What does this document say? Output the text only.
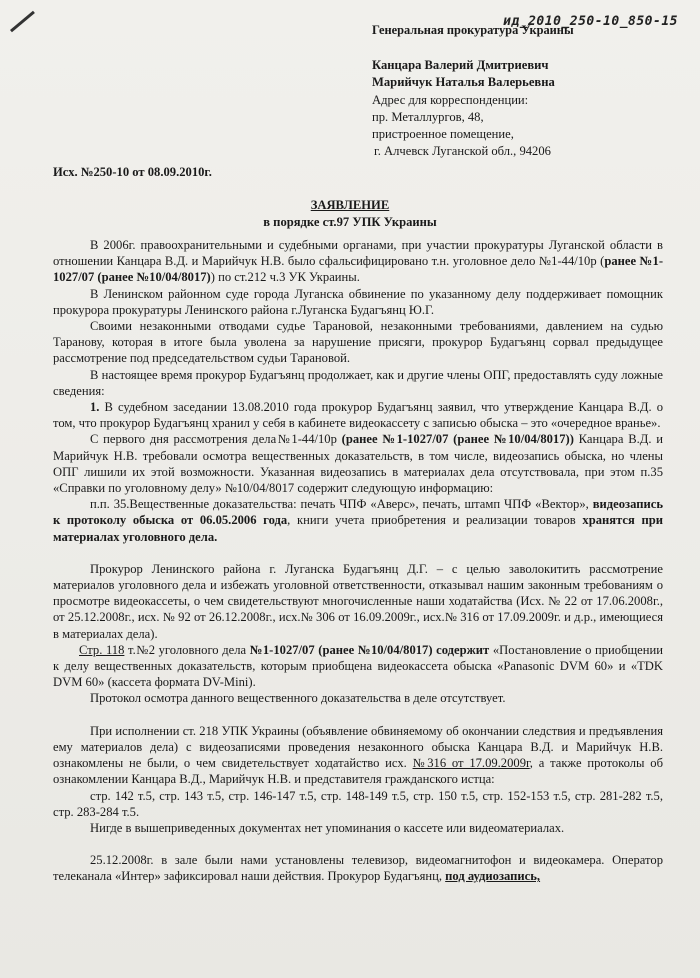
ид_2010_250-10_850-15
Генеральная прокуратура Украины
Канцара Валерий Дмитриевич
Марийчук Наталья Валерьевна
Адрес для корреспонденции:
пр. Металлургов, 48,
пристроенное помещение,
г. Алчевск Луганской обл., 94206
Исх. №250-10 от 08.09.2010г.
ЗАЯВЛЕНИЕ
в порядке ст.97 УПК Украины

В 2006г. правоохранительными и судебными органами, при участии прокуратуры Луганской области в отношении Канцара В.Д. и Марийчук Н.В. было сфальсифицировано т.н. уголовное дело №1-44/10р (ранее №1-1027/07 (ранее №10/04/8017)) по ст.212 ч.3 УК Украины.

В Ленинском районном суде города Луганска обвинение по указанному делу поддерживает помощник прокурора прокуратуры Ленинского района г.Луганска Будагъянц Ю.Г.

Своими незаконными отводами судье Тарановой, незаконными требованиями, давлением на судью Таранову, которая в итоге была уволена за нарушение присяги, прокурор Будагъянц сорвал предыдущее рассмотрение под председательством судьи Тарановой.

В настоящее время прокурор Будагъянц продолжает, как и другие члены ОПГ, предоставлять суду ложные сведения:

1. В судебном заседании 13.08.2010 года прокурор Будагъянц заявил, что утверждение Канцара В.Д. о том, что прокурор Будагъянц хранил у себя в кабинете видеокассету с записью обыска – это «очередное вранье».

С первого дня рассмотрения дела№1-44/10р (ранее №1-1027/07 (ранее №10/04/8017)) Канцара В.Д. и Марийчук Н.В. требовали осмотра вещественных доказательств, в том числе, видеозапись обыска, но члены ОПГ лишили их этой возможности. Указанная видеозапись в материалах дела отсутствовала, при этом п.35 «Справки по уголовному делу» №10/04/8017 содержит следующую информацию:

п.п. 35.Вещественные доказательства: печать ЧПФ «Аверс», печать, штамп ЧПФ «Вектор», видеозапись к протоколу обыска от 06.05.2006 года, книги учета приобретения и реализации товаров хранятся при материалах уголовного дела.

Прокурор Ленинского района г. Луганска Будагъянц Д.Г. – с целью заволокитить рассмотрение материалов уголовного дела и избежать уголовной ответственности, отказывал нашим законным требованиям о просмотре видеокассеты, о чем свидетельствуют многочисленные наши ходатайства (Исх. № 22 от 17.06.2008г., от 25.12.2008г., исх. № 92 от 26.12.2008г., исх.№ 306 от 16.09.2009г., исх.№ 316 от 17.09.2009г. и д.р., имеющиеся в материалах дела).

Стр. 118 т.№2 уголовного дела №1-1027/07 (ранее №10/04/8017) содержит «Постановление о приобщении к делу вещественных доказательств, которым приобщена видеокассета обыска «Panasonic DVM 60» и «TDK DVM 60» (кассета формата DV-Mini).

Протокол осмотра данного вещественного доказательства в деле отсутствует.

При исполнении ст. 218 УПК Украины (объявление обвиняемому об окончании следствия и предъявления ему материалов дела) с видеозаписями проведения незаконного обыска Канцара В.Д. и Марийчук Н.В. ознакомлены не были, о чем свидетельствует ходатайство исх. №316 от 17.09.2009г, а также протоколы об ознакомлении Канцара В.Д., Марийчук Н.В. и представителя гражданского истца:

стр. 142 т.5, стр. 143 т.5, стр. 146-147 т.5, стр. 148-149 т.5, стр. 150 т.5, стр. 152-153 т.5, стр. 281-282 т.5, стр. 283-284 т.5.

Нигде в вышеприведенных документах нет упоминания о кассете или видеоматериалах.

25.12.2008г. в зале были нами установлены телевизор, видеомагнитофон и видеокамера. Оператор телеканала «Интер» зафиксировал наши действия. Прокурор Будагъянц, под аудиозапись,
